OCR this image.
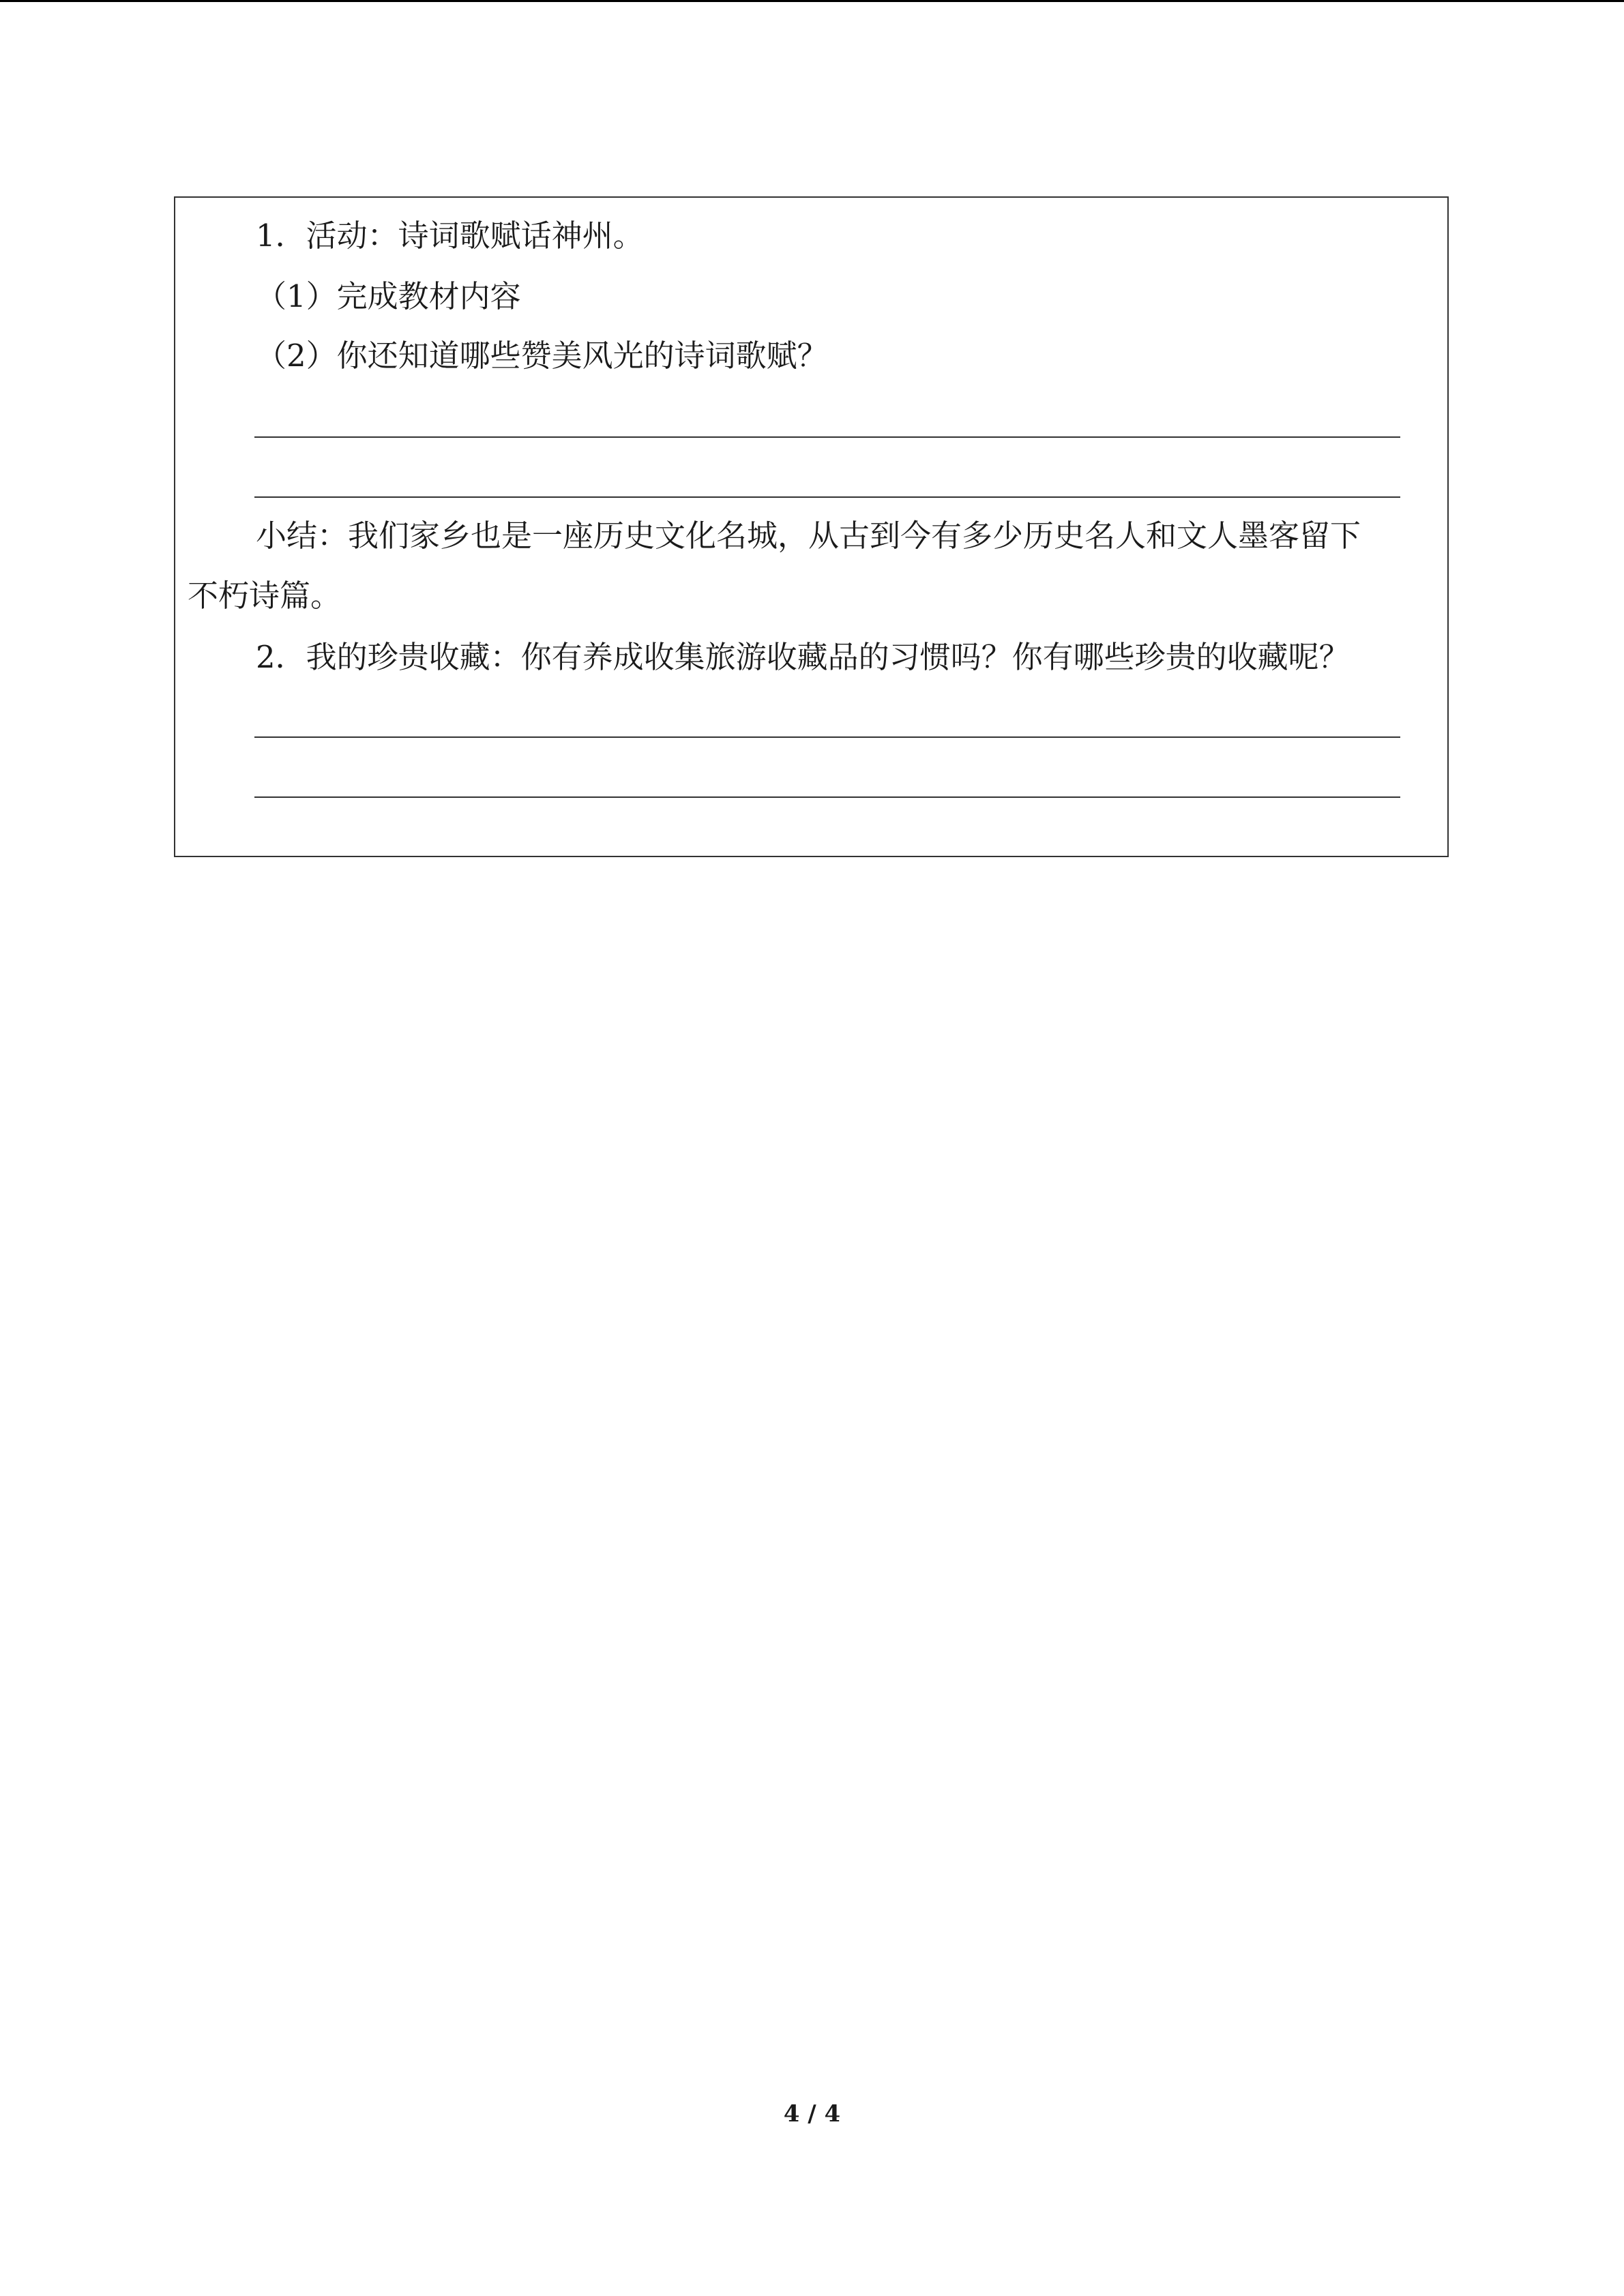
1．活动：诗词歌赋话神州。
（1）完成教材内容
（2）你还知道哪些赞美风光的诗词歌赋？
小结：我们家乡也是一座历史文化名城，从古到今有多少历史名人和文人墨客留下
不朽诗篇。
2．我的珍贵收藏：你有养成收集旅游收藏品的习惯吗？你有哪些珍贵的收藏呢？
4 / 4
